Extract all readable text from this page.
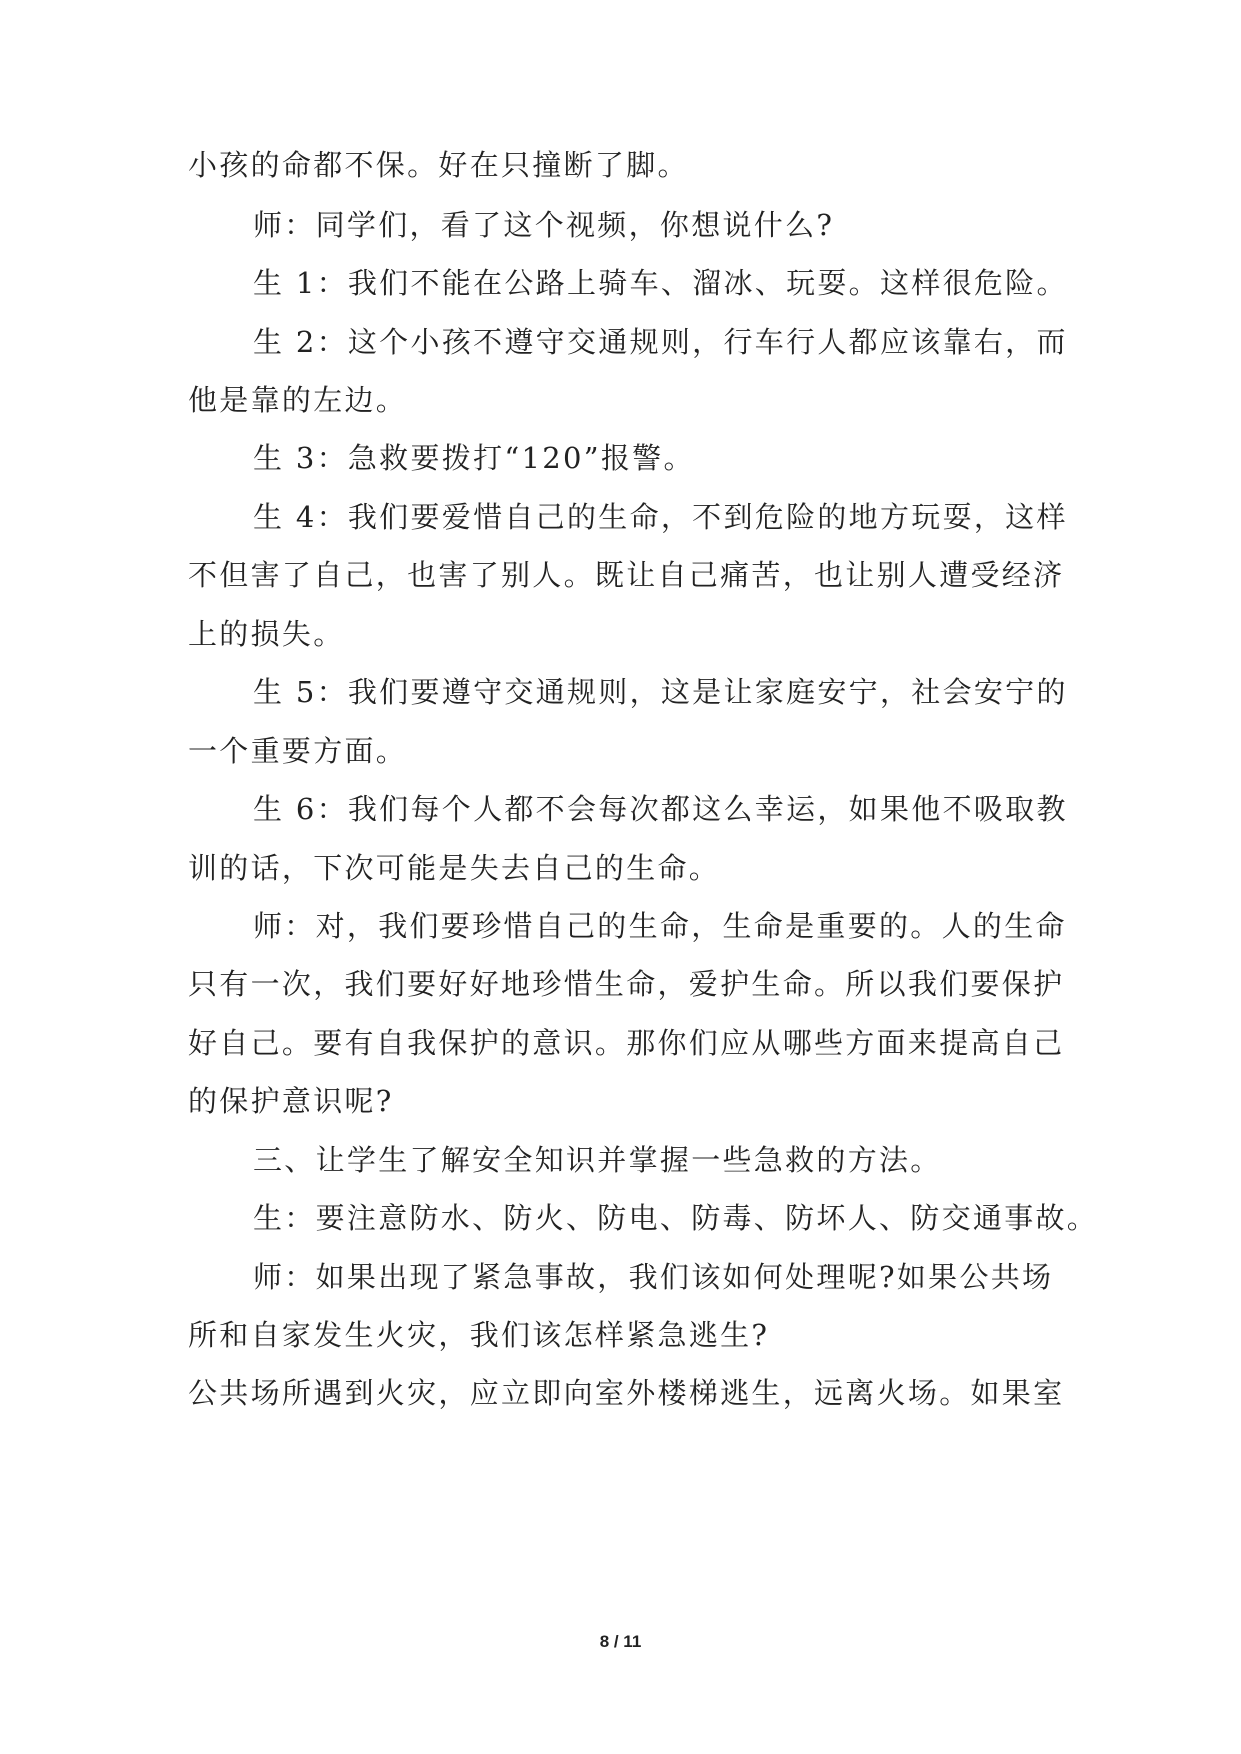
小孩的命都不保。好在只撞断了脚。
师：同学们，看了这个视频，你想说什么?
生 1：我们不能在公路上骑车、溜冰、玩耍。这样很危险。
生 2：这个小孩不遵守交通规则，行车行人都应该靠右，而
他是靠的左边。
生 3：急救要拨打“120”报警。
生 4：我们要爱惜自己的生命，不到危险的地方玩耍，这样
不但害了自己，也害了别人。既让自己痛苦，也让别人遭受经济
上的损失。
生 5：我们要遵守交通规则，这是让家庭安宁，社会安宁的
一个重要方面。
生 6：我们每个人都不会每次都这么幸运，如果他不吸取教
训的话，下次可能是失去自己的生命。
师：对，我们要珍惜自己的生命，生命是重要的。人的生命
只有一次，我们要好好地珍惜生命，爱护生命。所以我们要保护
好自己。要有自我保护的意识。那你们应从哪些方面来提高自己
的保护意识呢?
三、让学生了解安全知识并掌握一些急救的方法。
生：要注意防水、防火、防电、防毒、防坏人、防交通事故。
师：如果出现了紧急事故，我们该如何处理呢?如果公共场
所和自家发生火灾，我们该怎样紧急逃生?
公共场所遇到火灾，应立即向室外楼梯逃生，远离火场。如果室
8 / 11
